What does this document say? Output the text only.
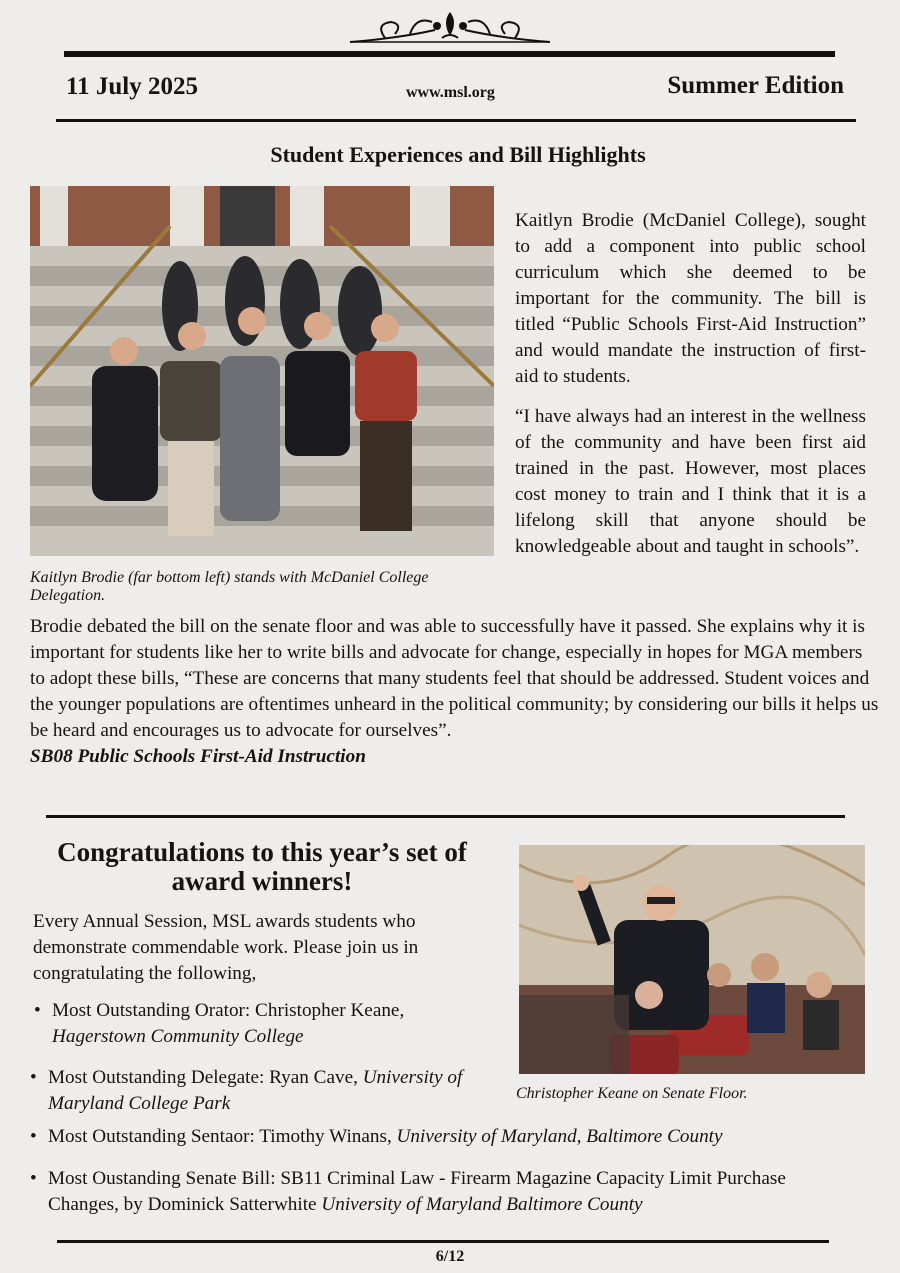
11 July 2025	www.msl.org	Summer Edition
Student Experiences and Bill Highlights
Kaitlyn Brodie (far bottom left) stands with McDaniel College Delegation.

Kaitlyn Brodie (McDaniel College), sought to add a component into public school curriculum which she deemed to be important for the community. The bill is titled “Public Schools First-Aid Instruction” and would mandate the instruction of first-aid to students.

“I have always had an interest in the wellness of the community and have been first aid trained in the past. However, most places cost money to train and I think that it is a lifelong skill that anyone should be knowledgeable about and taught in schools”.

Brodie debated the bill on the senate floor and was able to successfully have it passed. She explains why it is important for students like her to write bills and advocate for change, especially in hopes for MGA members to adopt these bills, “These are concerns that many students feel that should be addressed. Student voices and the younger populations are oftentimes unheard in the political community; by considering our bills it helps us be heard and encourages us to advocate for ourselves”.
SB08 Public Schools First-Aid Instruction
Congratulations to this year’s set of award winners!
Every Annual Session, MSL awards students who demonstrate commendable work. Please join us in congratulating the following,
Christopher Keane on Senate Floor.
• Most Outstanding Orator: Christopher Keane,
Hagerstown Community College
• Most Outstanding Delegate: Ryan Cave, University of Maryland College Park
• Most Outstanding Sentaor: Timothy Winans, University of Maryland, Baltimore County
• Most Oustanding Senate Bill: SB11 Criminal Law - Firearm Magazine Capacity Limit Purchase Changes, by Dominick Satterwhite University of Maryland Baltimore County
6/12
